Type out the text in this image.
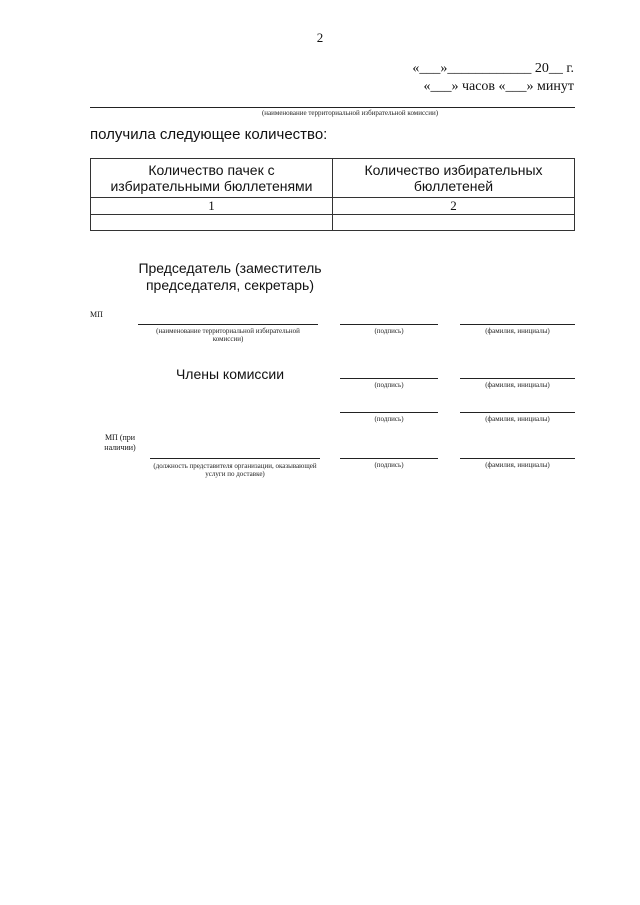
2
«___»____________ 20__ г.
«___» часов «___» минут
(наименование территориальной избирательной комиссии)
получила следующее количество:
Количество пачек с избирательными бюллетенями	Количество избирательных бюллетеней
1	2

Председатель (заместитель председателя, секретарь)
МП
(наименование территориальной избирательной комиссии)
(подпись)	(фамилия, инициалы)
Члены комиссии
(подпись)	(фамилия, инициалы)
(подпись)	(фамилия, инициалы)
МП (при наличии)
(должность представителя организации, оказывающей услуги по доставке)
(подпись)	(фамилия, инициалы)
